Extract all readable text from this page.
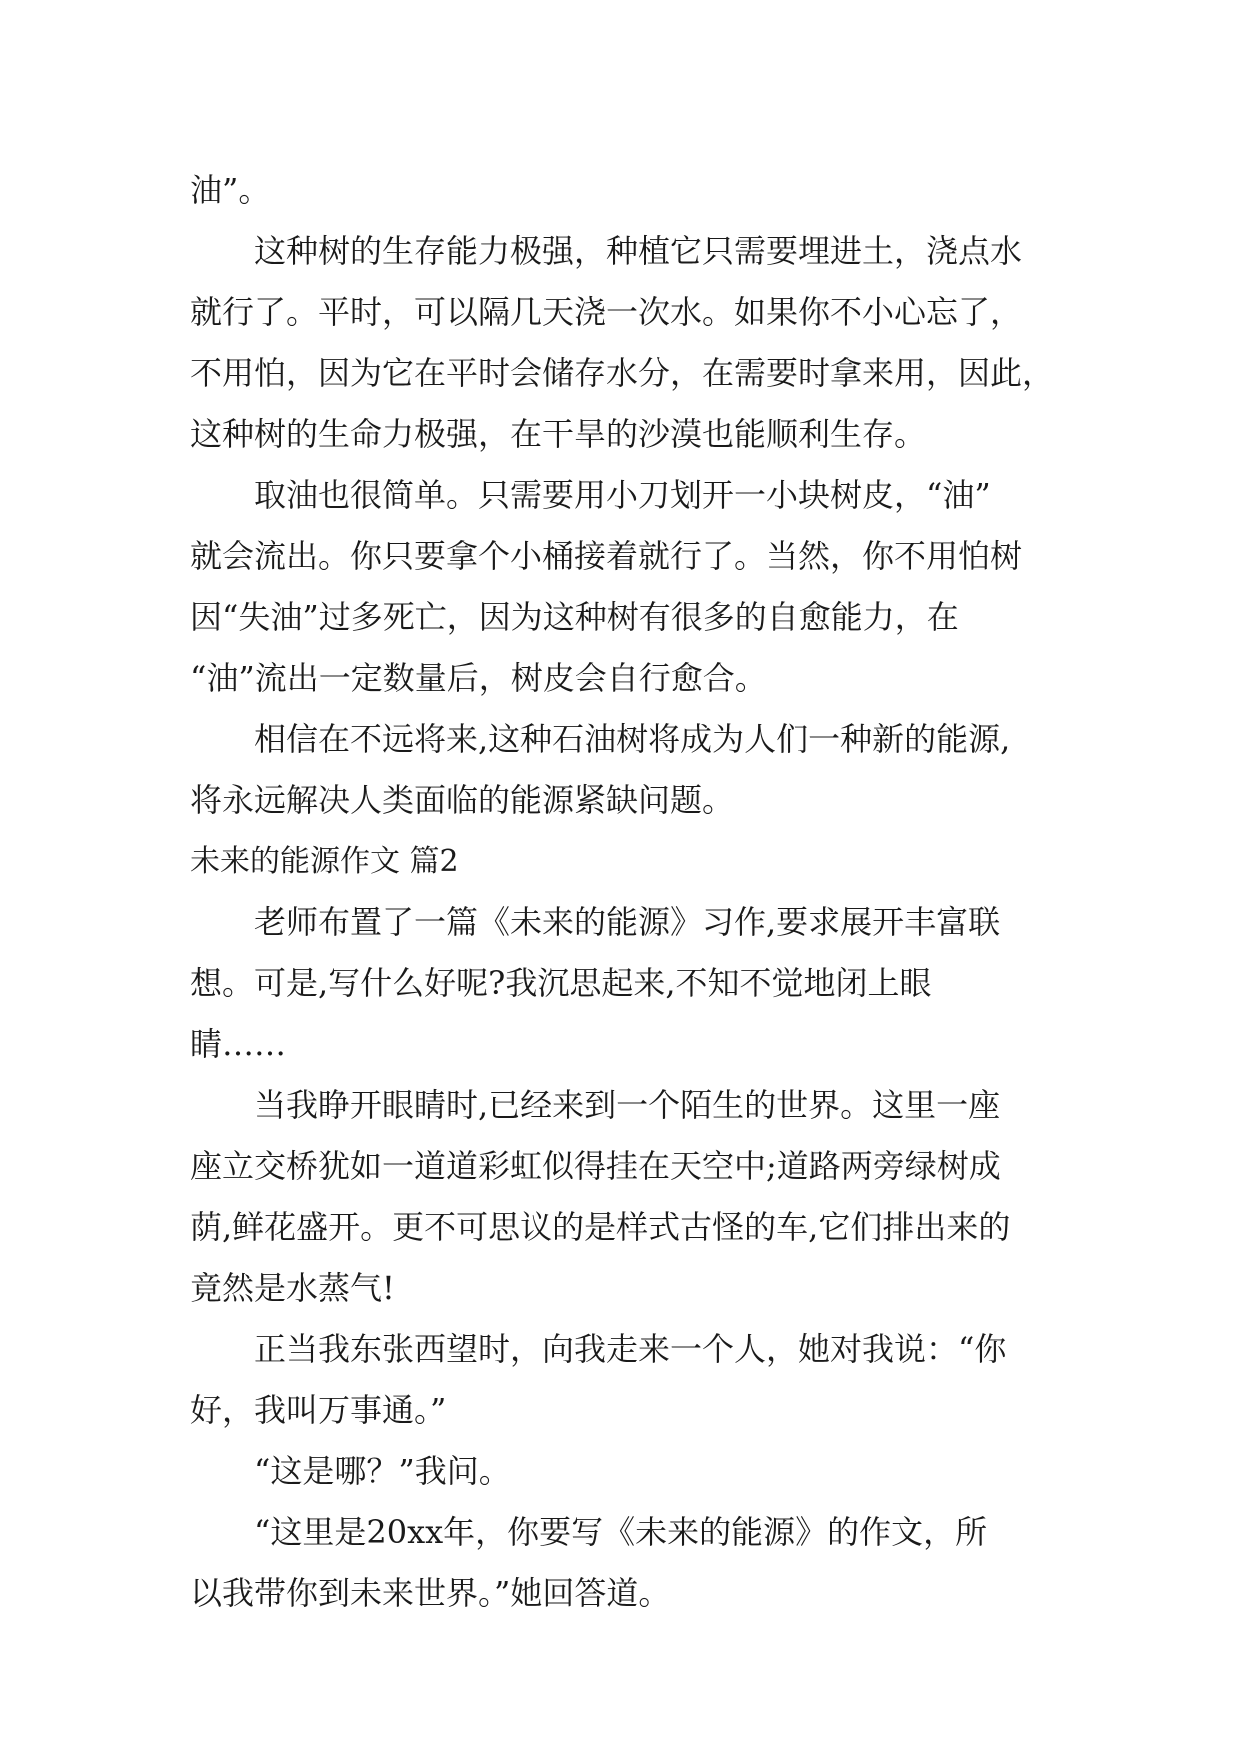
油”。
这种树的生存能力极强，种植它只需要埋进土，浇点水
就行了。平时，可以隔几天浇一次水。如果你不小心忘了，
不用怕，因为它在平时会储存水分，在需要时拿来用，因此，
这种树的生命力极强，在干旱的沙漠也能顺利生存。
取油也很简单。只需要用小刀划开一小块树皮，“油”
就会流出。你只要拿个小桶接着就行了。当然，你不用怕树
因“失油”过多死亡，因为这种树有很多的自愈能力，在
“油”流出一定数量后，树皮会自行愈合。
相信在不远将来,这种石油树将成为人们一种新的能源,
将永远解决人类面临的能源紧缺问题。
未来的能源作文 篇2
老师布置了一篇《未来的能源》习作,要求展开丰富联
想。可是,写什么好呢?我沉思起来,不知不觉地闭上眼
睛……
当我睁开眼睛时,已经来到一个陌生的世界。这里一座
座立交桥犹如一道道彩虹似得挂在天空中;道路两旁绿树成
荫,鲜花盛开。更不可思议的是样式古怪的车,它们排出来的
竟然是水蒸气!
正当我东张西望时，向我走来一个人，她对我说：“你
好，我叫万事通。”
“这是哪？”我问。
“这里是20xx年，你要写《未来的能源》的作文，所
以我带你到未来世界。”她回答道。
